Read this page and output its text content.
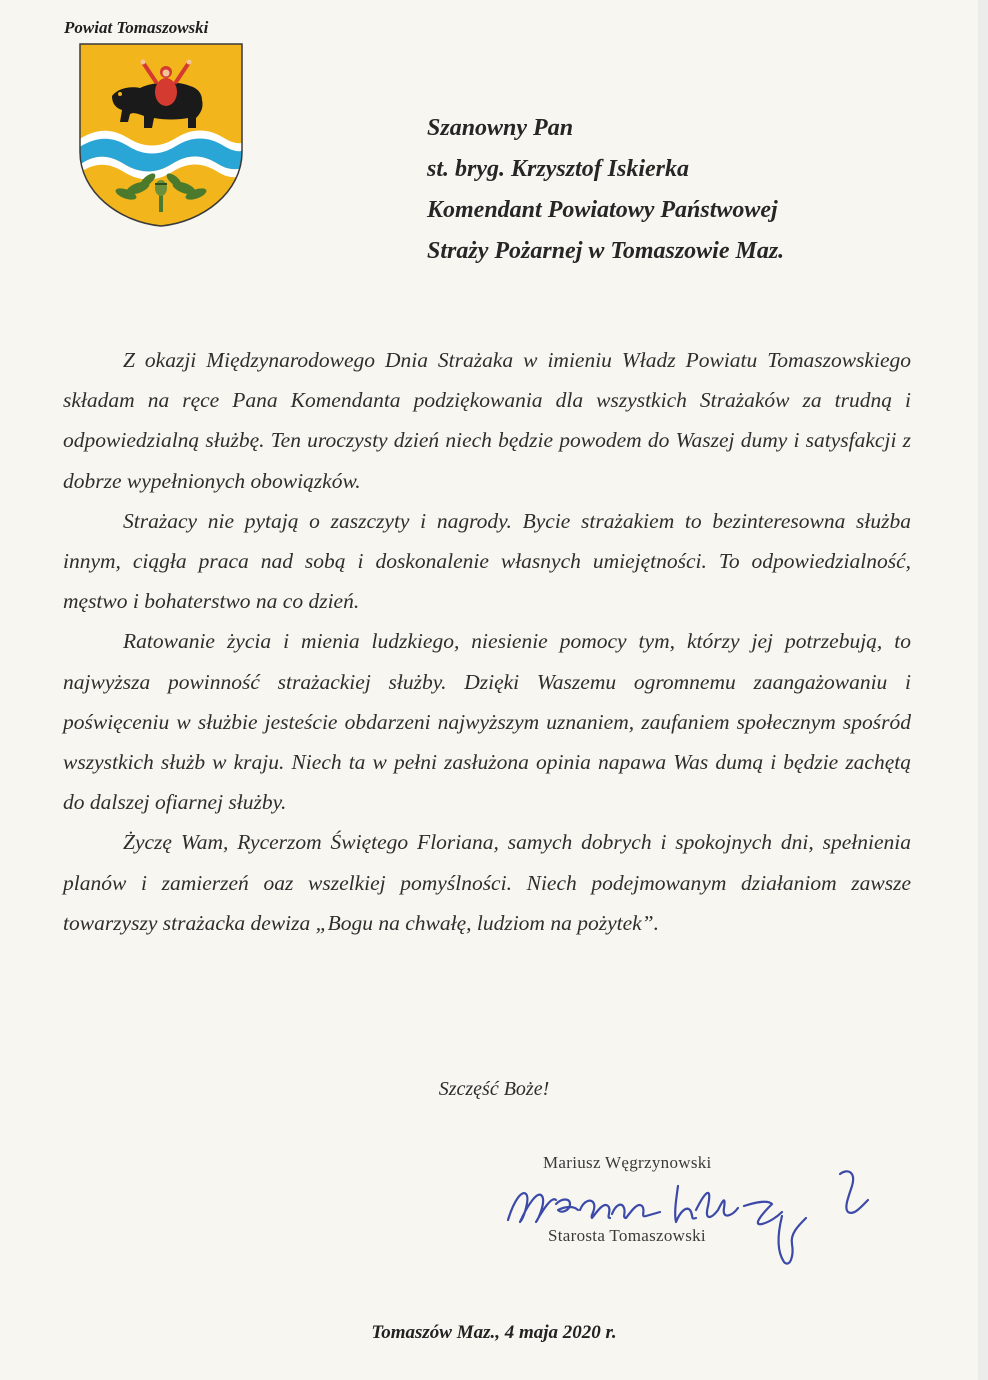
Powiat Tomaszowski
Szanowny Pan
st. bryg. Krzysztof Iskierka
Komendant Powiatowy Państwowej
Straży Pożarnej w Tomaszowie Maz.

Z okazji Międzynarodowego Dnia Strażaka w imieniu Władz Powiatu Tomaszowskiego składam na ręce Pana Komendanta podziękowania dla wszystkich Strażaków za trudną i odpowiedzialną służbę. Ten uroczysty dzień niech będzie powodem do Waszej dumy i satysfakcji z dobrze wypełnionych obowiązków.

Strażacy nie pytają o zaszczyty i nagrody. Bycie strażakiem to bezinteresowna służba innym, ciągła praca nad sobą i doskonalenie własnych umiejętności. To odpowiedzialność, męstwo i bohaterstwo na co dzień.

Ratowanie życia i mienia ludzkiego, niesienie pomocy tym, którzy jej potrzebują, to najwyższa powinność strażackiej służby. Dzięki Waszemu ogromnemu zaangażowaniu i poświęceniu w służbie jesteście obdarzeni najwyższym uznaniem, zaufaniem społecznym spośród wszystkich służb w kraju. Niech ta w pełni zasłużona opinia napawa Was dumą i będzie zachętą do dalszej ofiarnej służby.

Życzę Wam, Rycerzom Świętego Floriana, samych dobrych i spokojnych dni, spełnienia planów i zamierzeń oaz wszelkiej pomyślności. Niech podejmowanym działaniom zawsze towarzyszy strażacka dewiza „Bogu na chwałę, ludziom na pożytek”.

Szczęść Boże!
Mariusz Węgrzynowski
Starosta Tomaszowski
Tomaszów Maz., 4 maja 2020 r.
